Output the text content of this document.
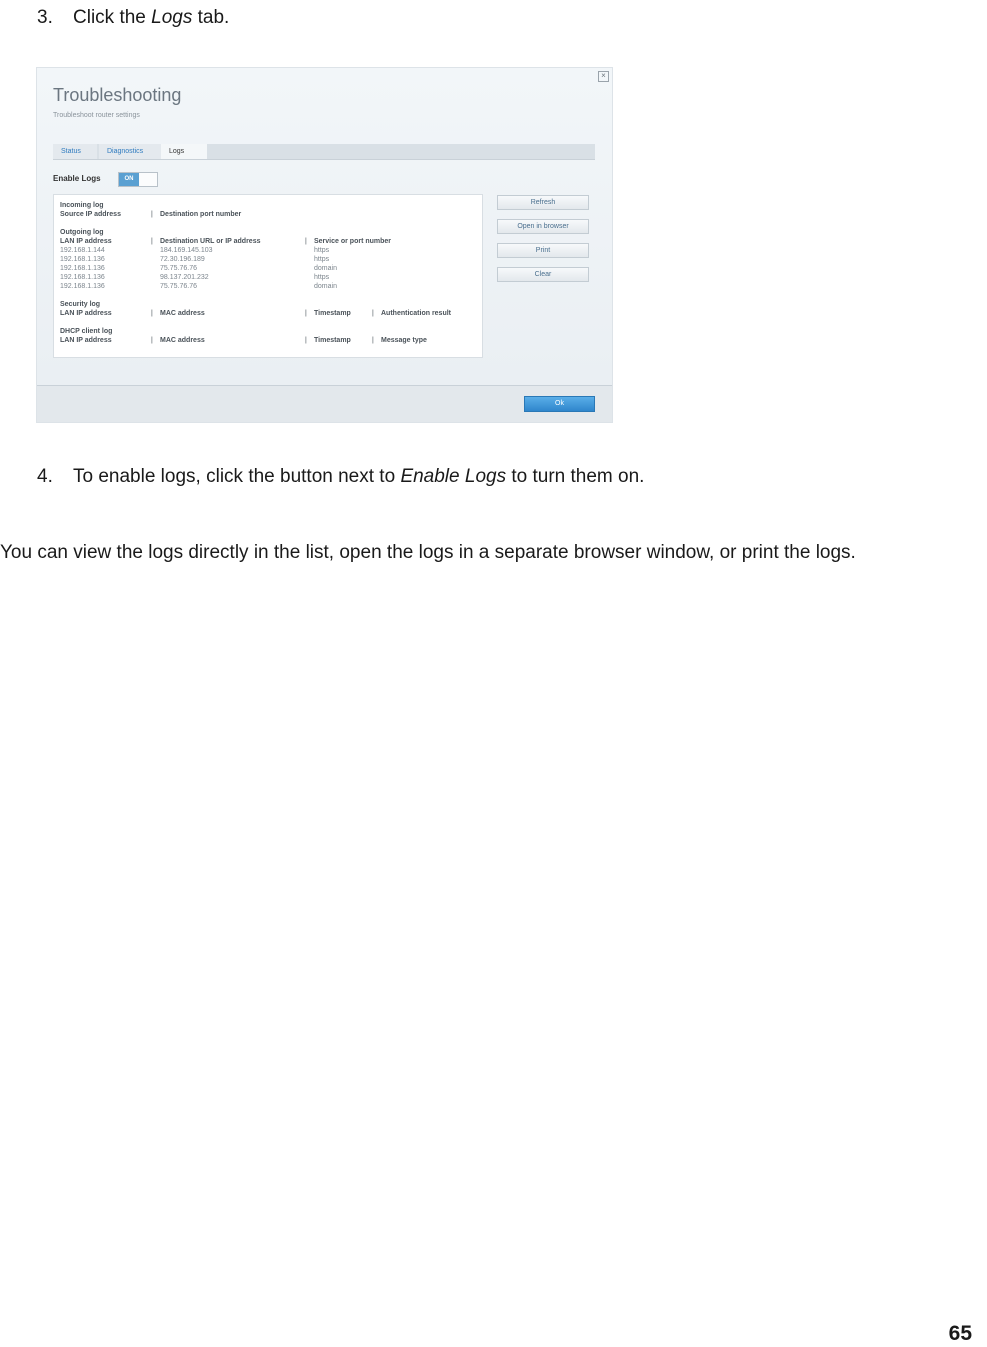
3. Click the Logs tab.
×
Troubleshooting
Troubleshoot router settings
Status	Diagnostics	Logs
Enable Logs	ON
Incoming log
Source IP address	| Destination port number
Outgoing log
LAN IP address	| Destination URL or IP address	| Service or port number
192.168.1.144	184.169.145.103	https
192.168.1.136	72.30.196.189	https
192.168.1.136	75.75.76.76	domain
192.168.1.136	98.137.201.232	https
192.168.1.136	75.75.76.76	domain
Security log
LAN IP address	| MAC address	| Timestamp	| Authentication result
DHCP client log
LAN IP address	| MAC address	| Timestamp	| Message type
Refresh
Open in browser
Print
Clear
Ok
4. To enable logs, click the button next to Enable Logs to turn them on.
You can view the logs directly in the list, open the logs in a separate browser window, or print the logs.
65
